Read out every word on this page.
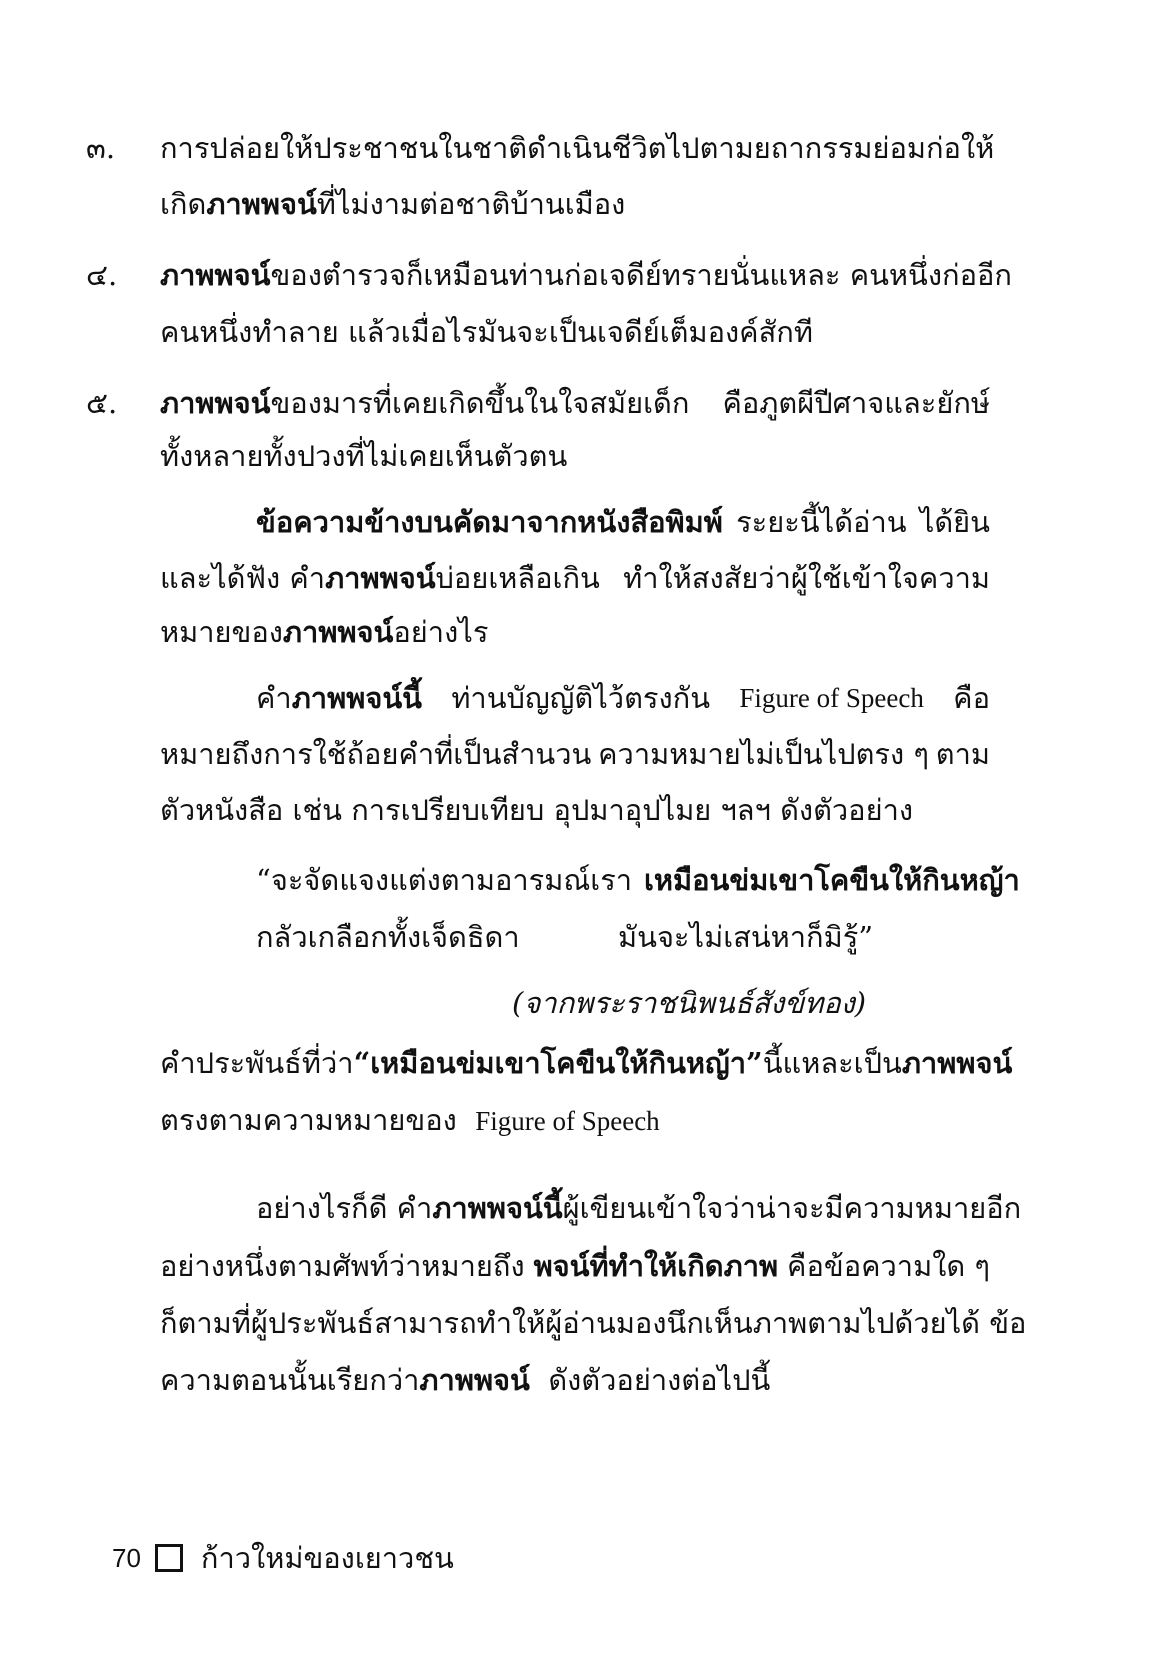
๓. การปล่อยให้ประชาชนในชาติดำเนินชีวิตไปตามยถากรรม ย่อมก่อให้
เกิดภาพพจน์ที่ไม่งามต่อชาติบ้านเมือง
๔. ภาพพจน์ของตำรวจก็เหมือนท่านก่อเจดีย์ทรายนั่นแหละ คนหนึ่งก่ออีก
คนหนึ่งทำลาย แล้วเมื่อไรมันจะเป็นเจดีย์เต็มองค์สักที
๕. ภาพพจน์ของมารที่เคยเกิดขึ้นในใจสมัยเด็ก คือภูตผีปีศาจและยักษ์
ทั้งหลายทั้งปวงที่ไม่เคยเห็นตัวตน
ข้อความข้างบนคัดมาจากหนังสือพิมพ์ ระยะนี้ได้อ่าน ได้ยิน
และได้ฟัง คำภาพพจน์บ่อยเหลือเกิน ทำให้สงสัยว่าผู้ใช้เข้าใจความ
หมายของภาพพจน์อย่างไร
คำภาพพจน์นี้ ท่านบัญญัติไว้ตรงกัน Figure of Speech คือ
หมายถึงการใช้ถ้อยคำที่เป็นสำนวน ความหมายไม่เป็นไปตรง ๆ ตาม
ตัวหนังสือ เช่น การเปรียบเทียบ อุปมาอุปไมย ฯลฯ ดังตัวอย่าง
“จะจัดแจงแต่งตามอารมณ์เรา เหมือนข่มเขาโคขืนให้กินหญ้า
กลัวเกลือกทั้งเจ็ดธิดา	มันจะไม่เสน่หาก็มิรู้”
(จากพระราชนิพนธ์สังข์ทอง)
คำประพันธ์ที่ว่า “เหมือนข่มเขาโคขืนให้กินหญ้า”นี้แหละเป็นภาพพจน์
ตรงตามความหมายของ Figure of Speech
อย่างไรก็ดี คำภาพพจน์นี้ ผู้เขียนเข้าใจว่าน่าจะมีความหมายอีก
อย่างหนึ่งตามศัพท์ว่าหมายถึง พจน์ที่ทำให้เกิดภาพ คือข้อความใด ๆ
ก็ตามที่ผู้ประพันธ์สามารถทำให้ผู้อ่านมองนึกเห็นภาพตามไปด้วยได้ ข้อ
ความตอนนั้นเรียกว่าภาพพจน์ ดังตัวอย่างต่อไปนี้
70 ก้าวใหม่ของเยาวชน
